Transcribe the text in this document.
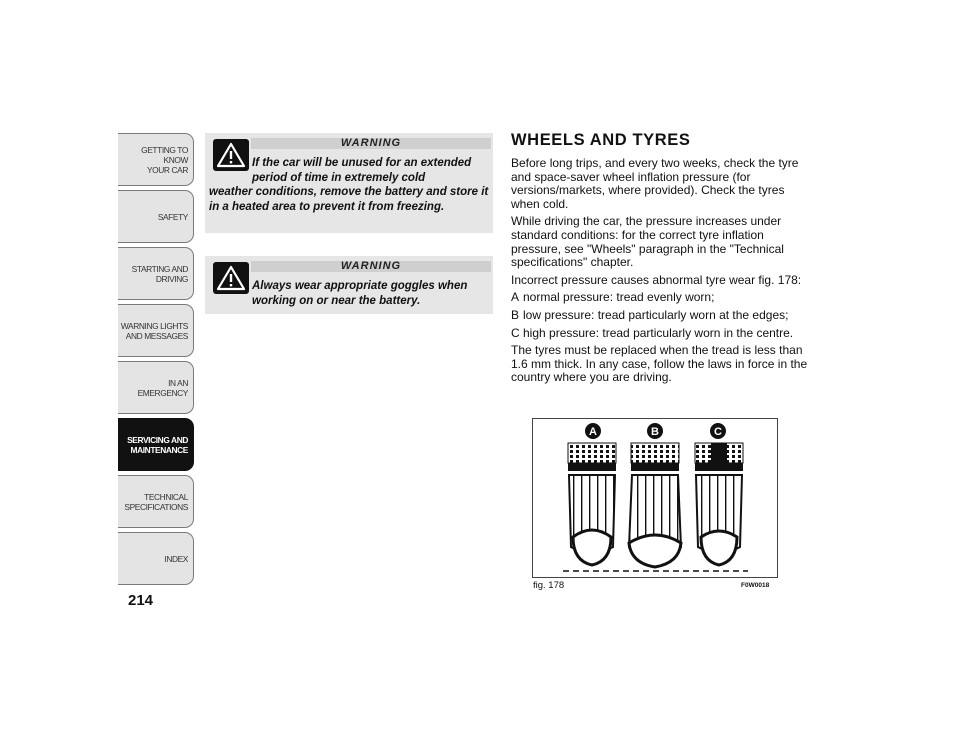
GETTING TO KNOW
YOUR CAR
SAFETY
STARTING AND
DRIVING
WARNING LIGHTS
AND MESSAGES
IN AN EMERGENCY
SERVICING AND
MAINTENANCE
TECHNICAL
SPECIFICATIONS
INDEX
214
WARNING

If the car will be unused for an extended period of time in extremely cold

weather conditions, remove the battery and store it in a heated area to prevent it from freezing.

WARNING

Always wear appropriate goggles when working on or near the battery.

WHEELS AND TYRES

Before long trips, and every two weeks, check the tyre and space-saver wheel inflation pressure (for versions/markets, where provided). Check the tyres when cold.

While driving the car, the pressure increases under standard conditions: for the correct tyre inflation pressure, see "Wheels" paragraph in the "Technical specifications" chapter.

Incorrect pressure causes abnormal tyre wear fig. 178:

A normal pressure: tread evenly worn;
B low pressure: tread particularly worn at the edges;
C high pressure: tread particularly worn in the centre.

The tyres must be replaced when the tread is less than 1.6 mm thick. In any case, follow the laws in force in the country where you are driving.

A	B	C
fig. 178	F0W0018
